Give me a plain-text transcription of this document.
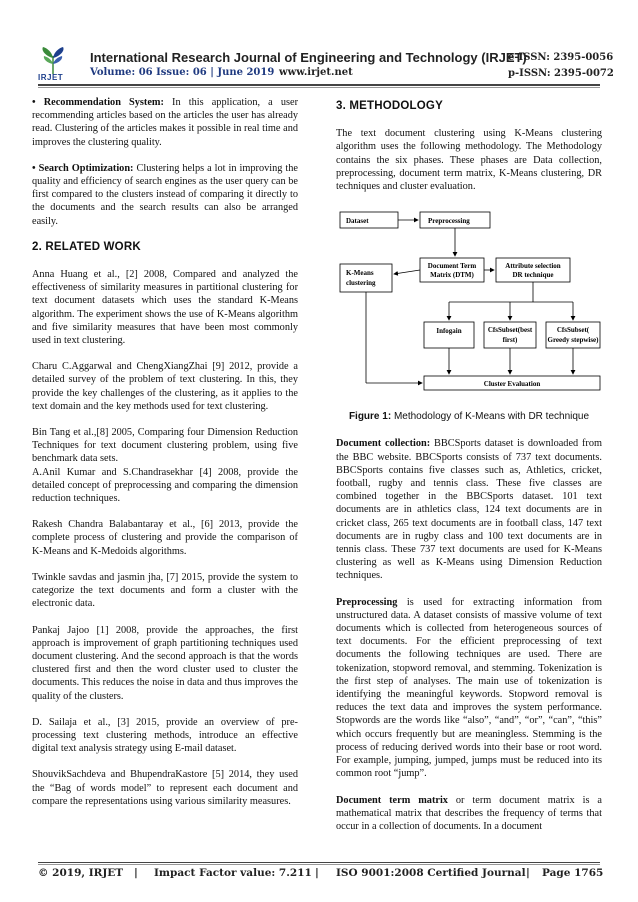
IRJET
International Research Journal of Engineering and Technology (IRJET)
Volume: 06 Issue: 06 | June 2019 www.irjet.net
e-ISSN: 2395-0056
p-ISSN: 2395-0072

• Recommendation System: In this application, a user recommending articles based on the articles the user has already read. Clustering of the articles makes it possible in real time and improves the clustering quality.

• Search Optimization: Clustering helps a lot in improving the quality and efficiency of search engines as the user query can be first compared to the clusters instead of comparing it directly to the documents and the search results can also be arranged easily.

2. RELATED WORK

Anna Huang et al., [2] 2008, Compared and analyzed the effectiveness of similarity measures in partitional clustering for text document datasets which uses the standard K-Means algorithm. The experiment shows the use of K-Means algorithm and five similarity measures that have been most commonly used in text clustering.

Charu C.Aggarwal and ChengXiangZhai [9] 2012, provide a detailed survey of the problem of text clustering. In this, they provide the key challenges of the clustering, as it applies to the text domain and the key methods used for text clustering.

Bin Tang et al.,[8] 2005, Comparing four Dimension Reduction Techniques for text document clustering problem, using five benchmark data sets.

A.Anil Kumar and S.Chandrasekhar [4] 2008, provide the detailed concept of preprocessing and comparing the dimension reduction techniques.

Rakesh Chandra Balabantaray et al., [6] 2013, provide the complete process of clustering and provide the comparison of K-Means and K-Medoids algorithms.

Twinkle savdas and jasmin jha, [7] 2015, provide the system to categorize the text documents and form a cluster with the electronic data.

Pankaj Jajoo [1] 2008, provide the approaches, the first approach is improvement of graph partitioning techniques used document clustering. And the second approach is that the words clustered first and then the word cluster used to cluster the documents. This reduces the noise in data and thus improves the quality of the clusters.

D. Sailaja et al., [3] 2015, provide an overview of pre-processing text clustering methods, introduce an effective digital text analysis strategy using E-mail dataset.

ShouvikSachdeva and BhupendraKastore [5] 2014, they used the “Bag of words model” to represent each document and compare the representations using various similarity measures.

3. METHODOLOGY

The text document clustering using K-Means clustering algorithm uses the following methodology. The Methodology contains the six phases. These phases are Data collection, preprocessing, document term matrix, K-Means clustering, DR techniques and cluster evaluation.

Dataset	Preprocessing
Document Term
Matrix (DTM)
Attribute selection
DR technique
K-Means
clustering
Infogain	CfsSubset(best
first)
CfsSubset(
Greedy stepwise)
Cluster Evaluation
Figure 1: Methodology of K-Means with DR technique

Document collection: BBCSports dataset is downloaded from the BBC website. BBCSports consists of 737 text documents. BBCSports contains five classes such as, Athletics, cricket, football, rugby and tennis class. These five classes are combined together in the BBCSports dataset. 101 text documents are in athletics class, 124 text documents are in cricket class, 265 text documents are in football class, 147 text documents are in rugby class and 100 text documents are in tennis class. These 737 text documents are used for K-Means clustering as well as K-Means using Dimension Reduction techniques.

Preprocessing is used for extracting information from unstructured data. A dataset consists of massive volume of text documents which is collected from heterogeneous sources of text documents. For the efficient preprocessing of text documents the following techniques are used. There are tokenization, stopword removal, and stemming. Tokenization is the first step of analyses. The main use of tokenization is identifying the meaningful keywords. Stopword removal is reduces the text data and improves the system performance. Stopwords are the words like “also”, “and”, “or”, “can”, “this” which occurs frequently but are meaningless. Stemming is the process of reducing derived words into their base or root word. For example, jumping, jumped, jumps must be reduced into its common root “jump”.

Document term matrix or term document matrix is a mathematical matrix that describes the frequency of terms that occur in a collection of documents. In a document

© 2019, IRJET | Impact Factor value: 7.211 | ISO 9001:2008 Certified Journal | Page 1765
